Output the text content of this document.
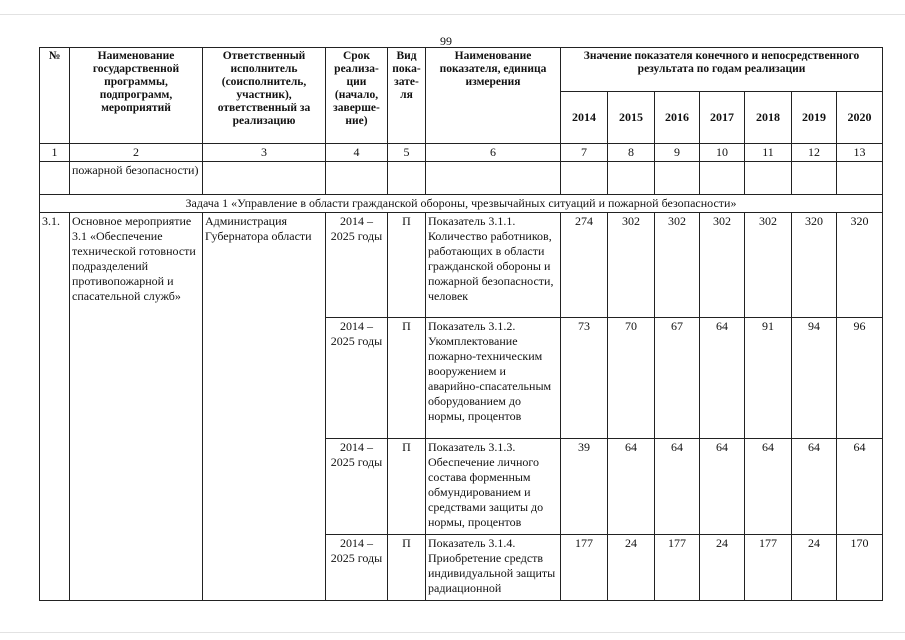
99
№	Наименование государственной программы, подпрограмм, мероприятий	Ответственный исполнитель (соисполнитель, участник), ответственный за реализацию	Срок реализа- ции (начало, заверше- ние)	Вид пока- зате- ля	Наименование показателя, единица измерения	Значение показателя конечного и непосредственного результата по годам реализации						
						2014	2015	2016	2017	2018	2019	2020
1	2	3	4	5	6	7	8	9	10	11	12	13
	пожарной безопасности)											
Задача 1 «Управление в области гражданской обороны, чрезвычайных ситуаций и пожарной безопасности»												
3.1.	Основное мероприятие 3.1 «Обеспечение технической готовности подразделений противопожарной и спасательной служб»	Администрация Губернатора области	2014 – 2025 годы	П	Показатель 3.1.1. Количество работников, работающих в области гражданской обороны и пожарной безопасности, человек	274	302	302	302	302	320	320
			2014 – 2025 годы	П	Показатель 3.1.2. Укомплектование пожарно-техническим вооружением и аварийно-спасательным оборудованием до нормы, процентов	73	70	67	64	91	94	96
			2014 – 2025 годы	П	Показатель 3.1.3. Обеспечение личного состава форменным обмундированием и средствами защиты до нормы, процентов	39	64	64	64	64	64	64
			2014 – 2025 годы	П	Показатель 3.1.4. Приобретение средств индивидуальной защиты радиационной	177	24	177	24	177	24	170
